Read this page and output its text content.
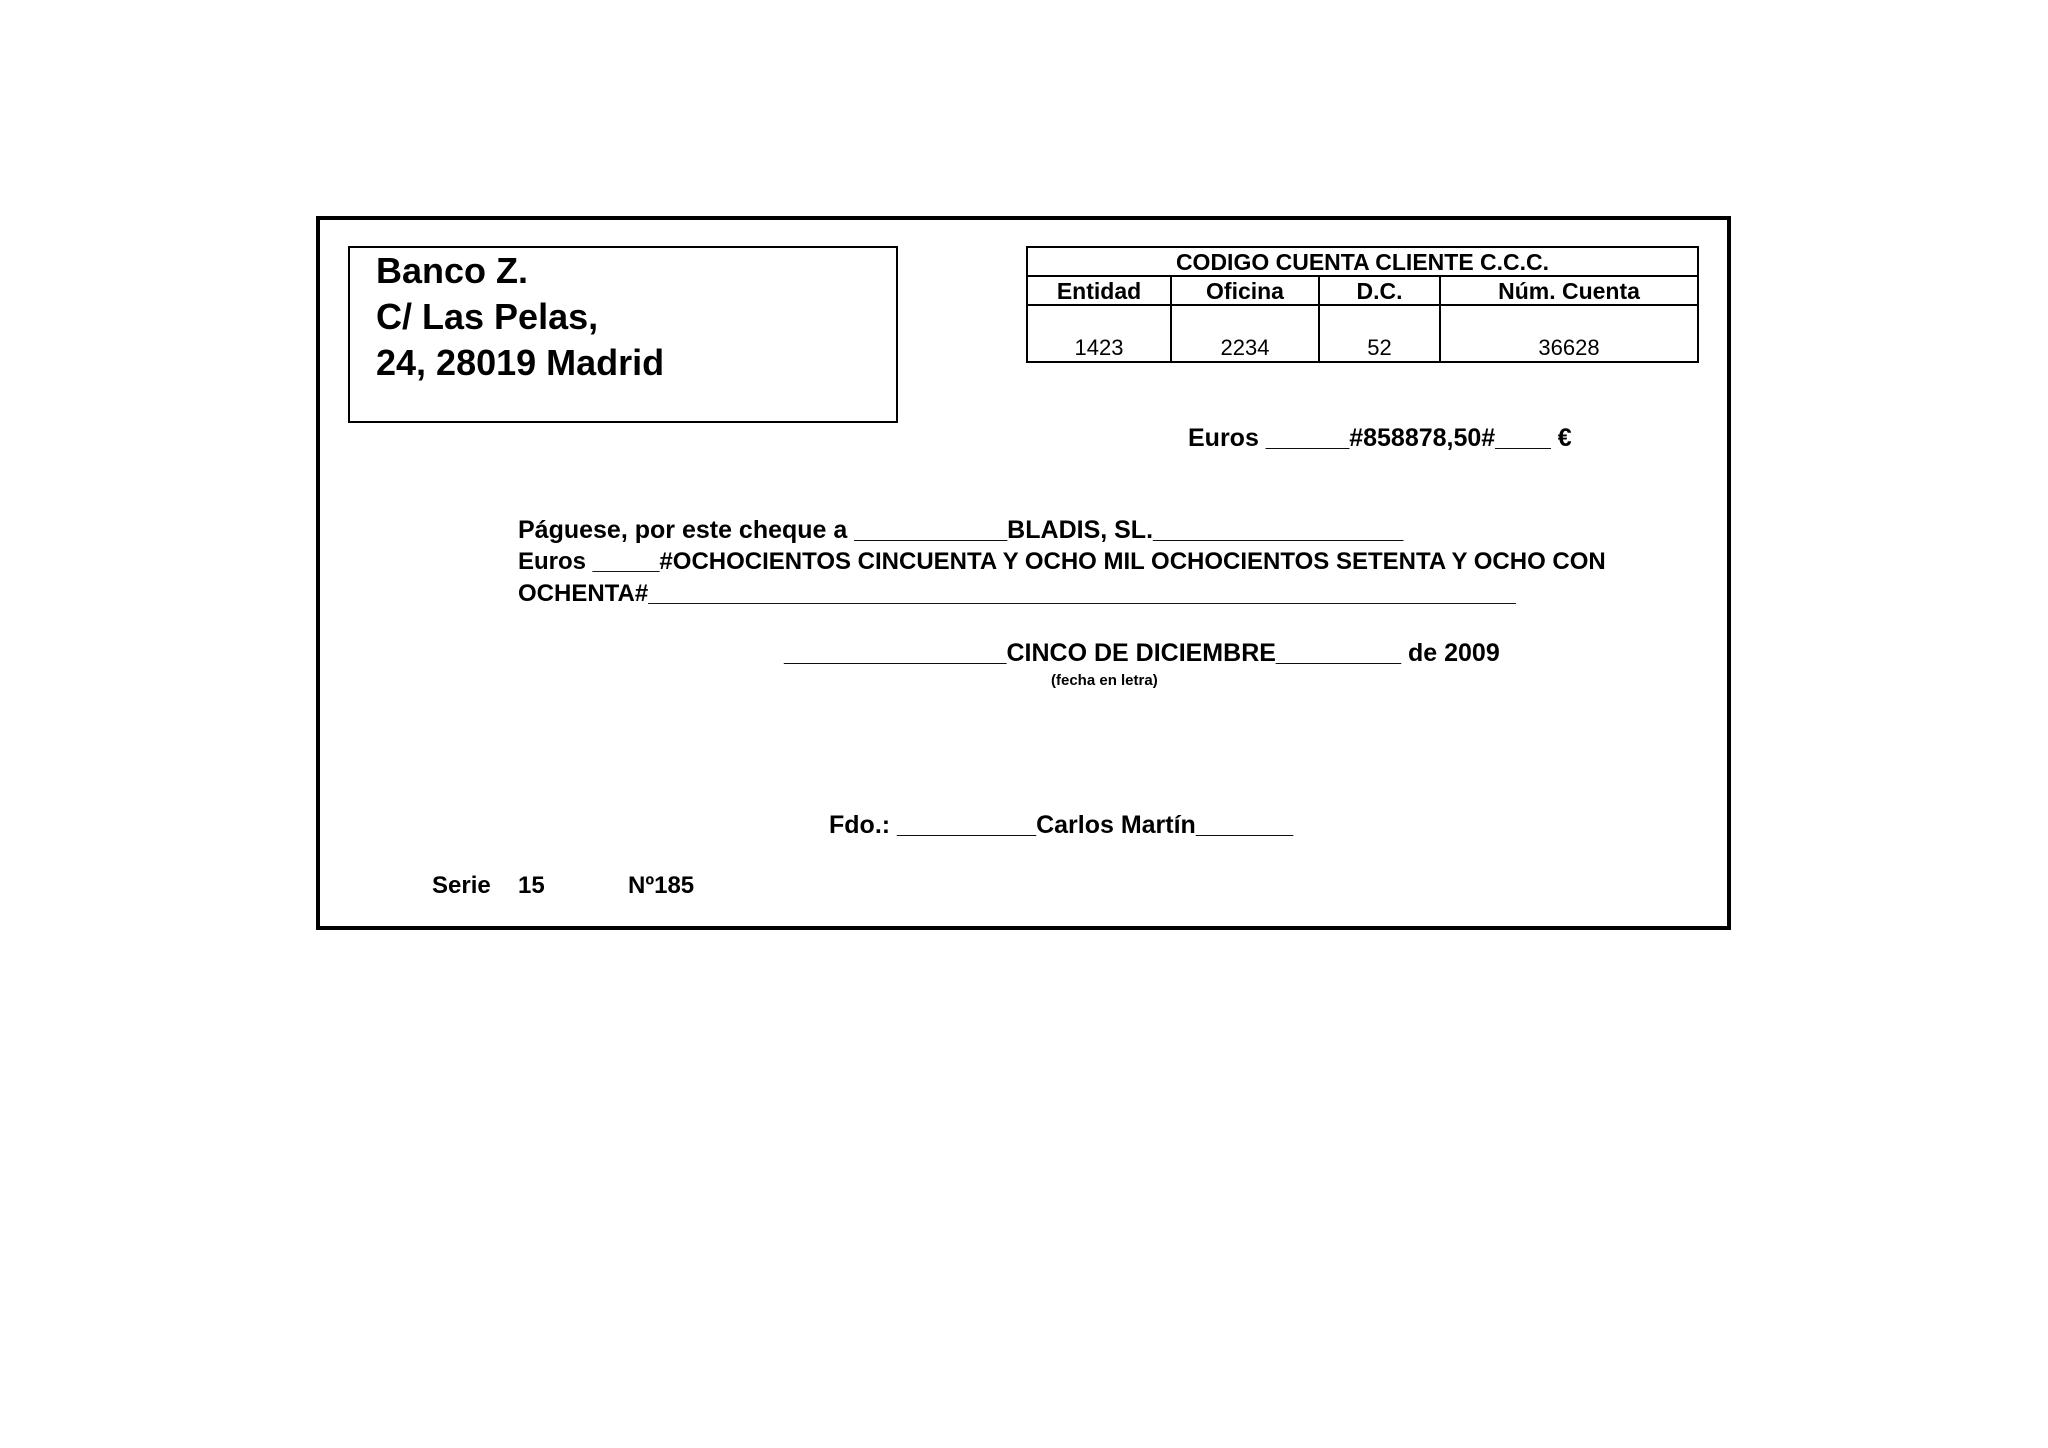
Banco Z.
C/ Las Pelas,
24, 28019 Madrid
CODIGO CUENTA CLIENTE C.C.C.			
Entidad	Oficina	D.C.	Núm. Cuenta
1423	2234	52	36628
Euros ______#858878,50#____ €
Páguese, por este cheque a ___________BLADIS, SL.__________________
Euros _____#OCHOCIENTOS CINCUENTA Y OCHO MIL OCHOCIENTOS SETENTA Y OCHO CON
OCHENTA#_________________________________________________________________
________________CINCO DE DICIEMBRE_________ de 2009
(fecha en letra)
Fdo.: __________Carlos Martín_______
Serie 15	Nº185
